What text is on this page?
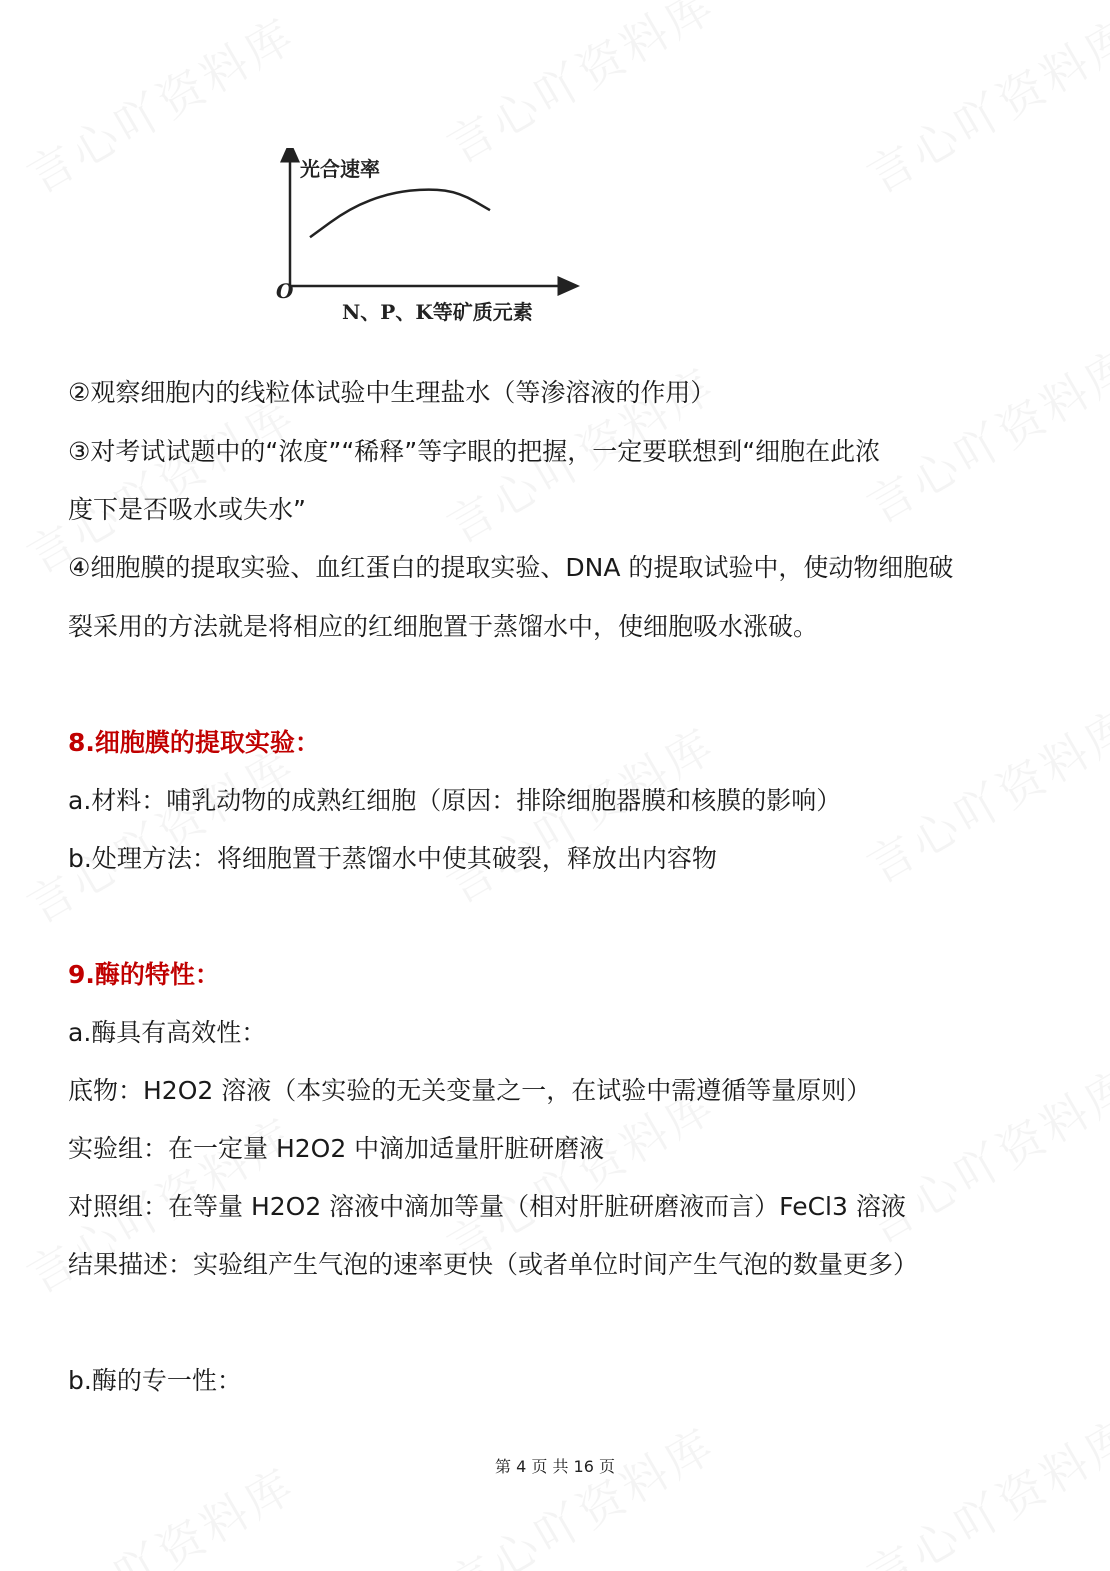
光合速率
N、P、K等矿质元素
O
②观察细胞内的线粒体试验中生理盐水（等渗溶液的作用）
③对考试试题中的“浓度”“稀释”等字眼的把握，一定要联想到“细胞在此浓
度下是否吸水或失水”
④细胞膜的提取实验、血红蛋白的提取实验、DNA 的提取试验中，使动物细胞破
裂采用的方法就是将相应的红细胞置于蒸馏水中，使细胞吸水涨破。
8.细胞膜的提取实验：
a.材料：哺乳动物的成熟红细胞（原因：排除细胞器膜和核膜的影响）
b.处理方法：将细胞置于蒸馏水中使其破裂，释放出内容物
9.酶的特性：
a.酶具有高效性：
底物：H2O2 溶液（本实验的无关变量之一，在试验中需遵循等量原则）
实验组：在一定量 H2O2 中滴加适量肝脏研磨液
对照组：在等量 H2O2 溶液中滴加等量（相对肝脏研磨液而言）FeCl3 溶液
结果描述：实验组产生气泡的速率更快（或者单位时间产生气泡的数量更多）
b.酶的专一性：
第 4 页 共 16 页
